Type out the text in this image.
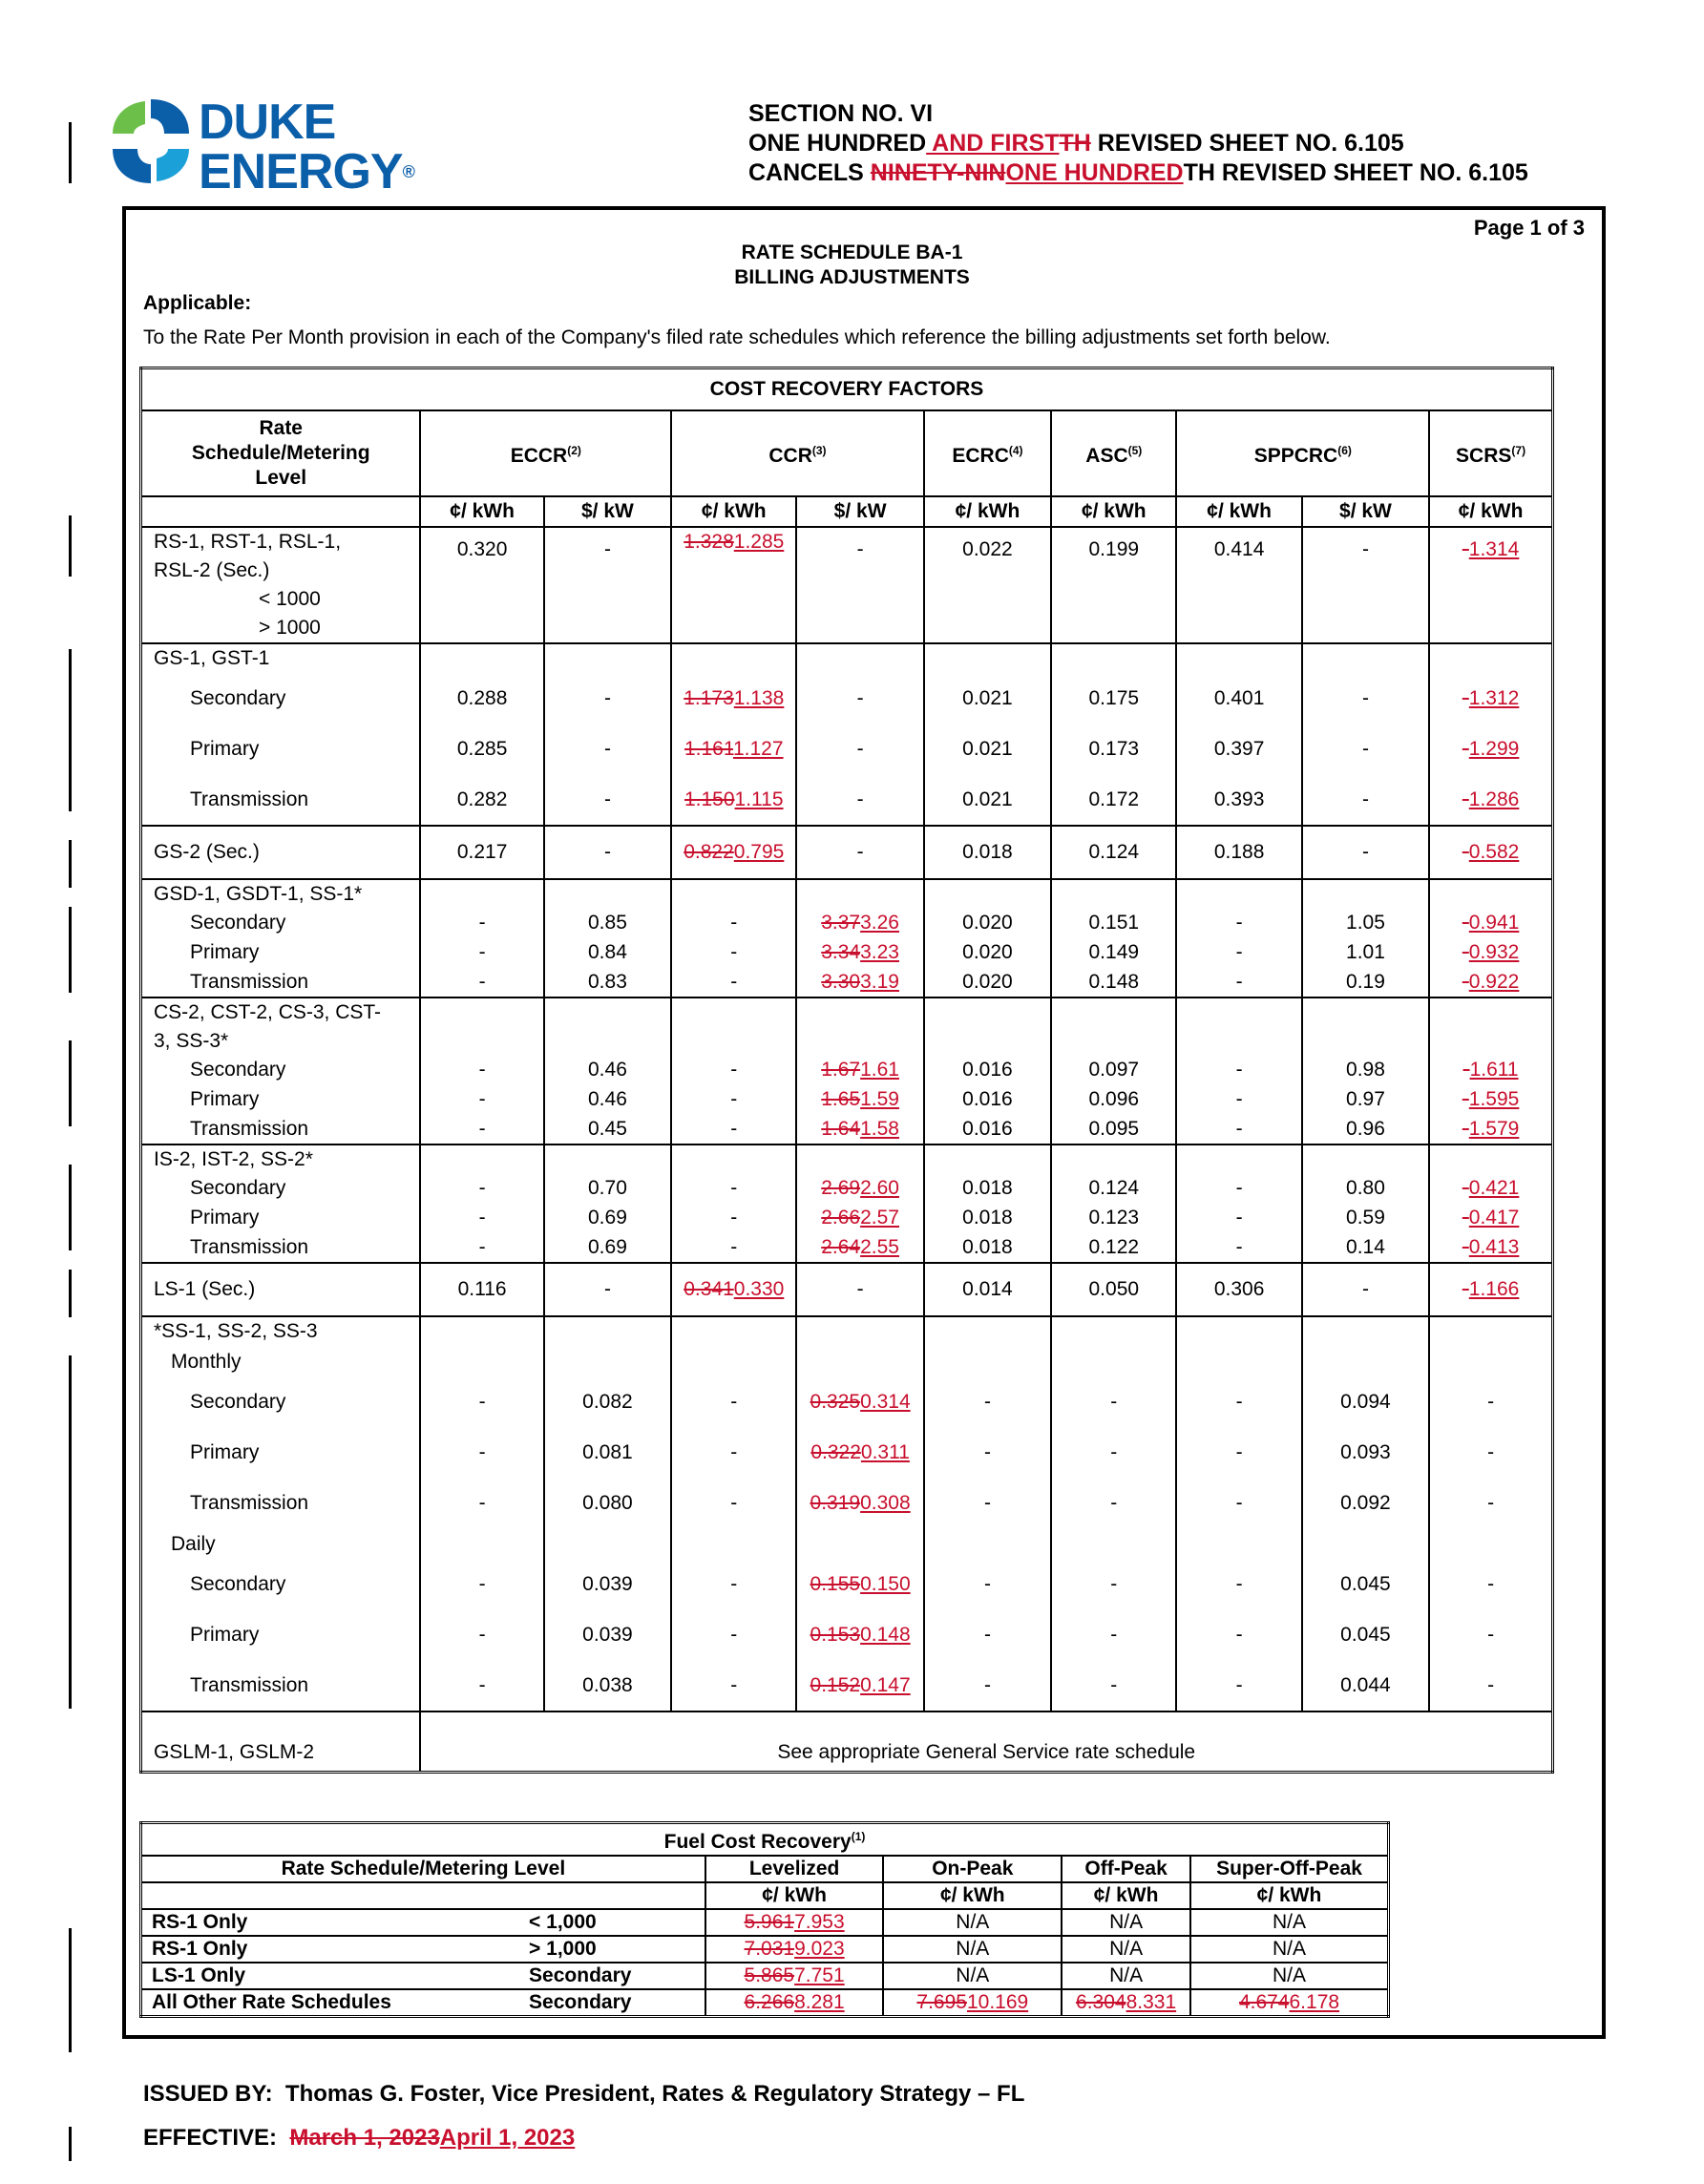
DUKE
ENERGY®
SECTION NO. VI
ONE HUNDRED AND FIRSTTH REVISED SHEET NO. 6.105
CANCELS NINETY-NINONE HUNDREDTH REVISED SHEET NO. 6.105
Page 1 of 3
RATE SCHEDULE BA-1
BILLING ADJUSTMENTS
Applicable:
To the Rate Per Month provision in each of the Company's filed rate schedules which reference the billing adjustments set forth below.
COST RECOVERY FACTORS									
Rate Schedule/Metering Level	ECCR$^{(2)}$		CCR$^{(3)}$		ECRC$^{(4)}$	ASC$^{(5)}$	SPPCRC$^{(6)}$		SCRS$^{(7)}$
	¢/ kWh	$/ kW	¢/ kWh	$/ kW	¢/ kWh	¢/ kWh	¢/ kWh	$/ kW	¢/ kWh

RS-1, RST-1, RSL-1,
RSL-2 (Sec.)
< 1000
> 1000	0.320	-	1.3281.285	-	0.022	0.199	0.414	-	-1.314
GS-1, GST-1									
Secondary	0.288	-	1.1731.138	-	0.021	0.175	0.401	-	-1.312
Primary	0.285	-	1.1611.127	-	0.021	0.173	0.397	-	-1.299
Transmission	0.282	-	1.1501.115	-	0.021	0.172	0.393	-	-1.286
GS-2 (Sec.)	0.217	-	0.8220.795	-	0.018	0.124	0.188	-	-0.582
GSD-1, GSDT-1, SS-1*									
Secondary	-	0.85	-	3.373.26	0.020	0.151	-	1.05	-0.941
Primary	-	0.84	-	3.343.23	0.020	0.149	-	1.01	-0.932
Transmission	-	0.83	-	3.303.19	0.020	0.148	-	0.19	-0.922
CS-2, CST-2, CS-3, CST-									
3, SS-3*									
Secondary	-	0.46	-	1.671.61	0.016	0.097	-	0.98	-1.611
Primary	-	0.46	-	1.651.59	0.016	0.096	-	0.97	-1.595
Transmission	-	0.45	-	1.641.58	0.016	0.095	-	0.96	-1.579
IS-2, IST-2, SS-2*									
Secondary	-	0.70	-	2.692.60	0.018	0.124	-	0.80	-0.421
Primary	-	0.69	-	2.662.57	0.018	0.123	-	0.59	-0.417
Transmission	-	0.69	-	2.642.55	0.018	0.122	-	0.14	-0.413
LS-1 (Sec.)	0.116	-	0.3410.330	-	0.014	0.050	0.306	-	-1.166
*SS-1, SS-2, SS-3									
Monthly									
Secondary	-	0.082	-	0.3250.314	-	-	-	0.094	-
Primary	-	0.081	-	0.3220.311	-	-	-	0.093	-
Transmission	-	0.080	-	0.3190.308	-	-	-	0.092	-
Daily									
Secondary	-	0.039	-	0.1550.150	-	-	-	0.045	-
Primary	-	0.039	-	0.1530.148	-	-	-	0.045	-
Transmission	-	0.038	-	0.1520.147	-	-	-	0.044	-
GSLM-1, GSLM-2	See appropriate General Service rate schedule								
Fuel Cost Recovery$^{(1)}$
Rate Schedule/Metering Level		Levelized	On-Peak	Off-Peak	Super-Off-Peak
		¢/ kWh	¢/ kWh	¢/ kWh	¢/ kWh
RS-1 Only	< 1,000	5.9617.953	N/A	N/A	N/A
RS-1 Only	> 1,000	7.0319.023	N/A	N/A	N/A
LS-1 Only	Secondary	5.8657.751	N/A	N/A	N/A
All Other Rate Schedules	Secondary	6.2668.281	7.69510.169	6.3048.331	4.6746.178
ISSUED BY: Thomas G. Foster, Vice President, Rates & Regulatory Strategy – FL
EFFECTIVE: March 1, 2023April 1, 2023
